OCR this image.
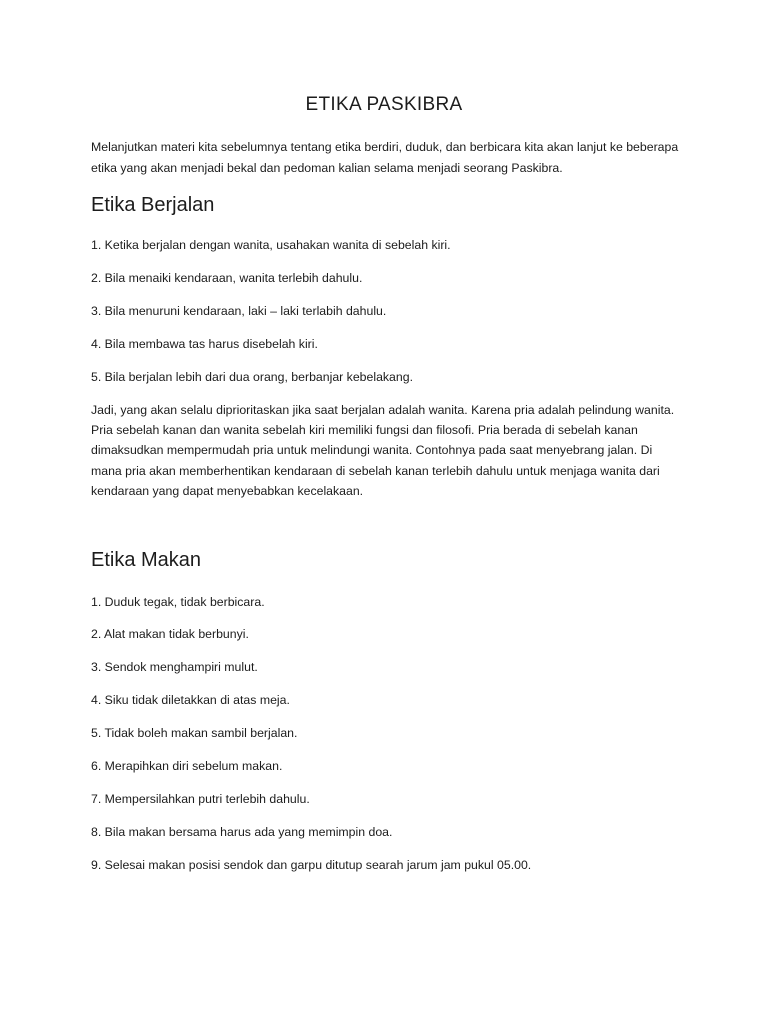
ETIKA PASKIBRA
Melanjutkan materi kita sebelumnya tentang etika berdiri, duduk, dan berbicara kita akan lanjut ke beberapa etika yang akan menjadi bekal dan pedoman kalian selama menjadi seorang Paskibra.
Etika Berjalan
1. Ketika berjalan dengan wanita, usahakan wanita di sebelah kiri.
2. Bila menaiki kendaraan, wanita terlebih dahulu.
3. Bila menuruni kendaraan, laki – laki terlabih dahulu.
4. Bila membawa tas harus disebelah kiri.
5. Bila berjalan lebih dari dua orang, berbanjar kebelakang.
Jadi, yang akan selalu diprioritaskan jika saat berjalan adalah wanita. Karena pria adalah pelindung wanita. Pria sebelah kanan dan wanita sebelah kiri memiliki fungsi dan filosofi. Pria berada di sebelah kanan dimaksudkan mempermudah pria untuk melindungi wanita. Contohnya pada saat menyebrang jalan. Di mana pria akan memberhentikan kendaraan di sebelah kanan terlebih dahulu untuk menjaga wanita dari kendaraan yang dapat menyebabkan kecelakaan.
Etika Makan
1. Duduk tegak, tidak berbicara.
2. Alat makan tidak berbunyi.
3. Sendok menghampiri mulut.
4. Siku tidak diletakkan di atas meja.
5. Tidak boleh makan sambil berjalan.
6. Merapihkan diri sebelum makan.
7. Mempersilahkan putri terlebih dahulu.
8. Bila makan bersama harus ada yang memimpin doa.
9. Selesai makan posisi sendok dan garpu ditutup searah jarum jam pukul 05.00.
